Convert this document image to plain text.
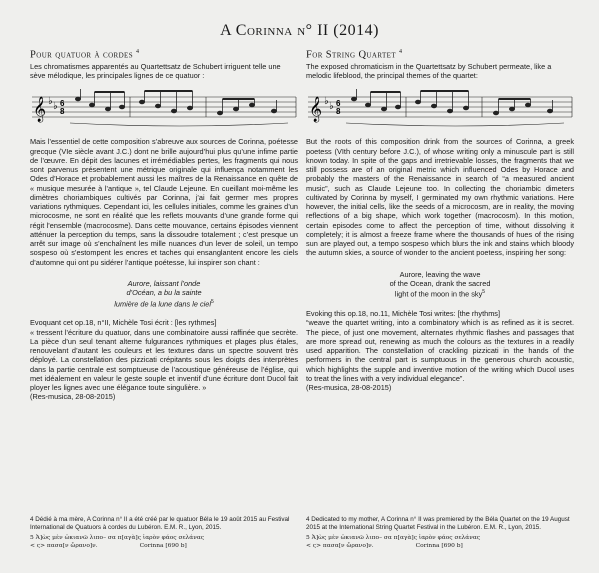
A Corinna n° II (2014)
Pour quatuor à cordes $^4$

Les chromatismes apparentés au Quartettsatz de Schubert irriguent telle une sève mélodique, les principales lignes de ce quatuor :

𝄞 ♭ ♭ 6
8

Mais l’essentiel de cette composition s’abreuve aux sources de Corinna, poétesse grecque (VIe siècle avant J.C.) dont ne brille aujourd’hui plus qu’une infime partie de l’œuvre. En dépit des lacunes et irrémédiables pertes, les fragments qui nous sont parvenus présentent une métrique originale qui influença notamment les Odes d’Horace et probablement aussi les maîtres de la Renaissance en quête de « musique mesurée à l’antique », tel Claude Lejeune. En cueillant moi-même les dimètres choriambiques cultivés par Corinna, j’ai fait germer mes propres variations rythmiques. Cependant ici, les cellules initiales, comme les graines d’un microcosme, ne sont en réalité que les reflets mouvants d’une grande forme qui régit l’ensemble (macrocosme). Dans cette mouvance, certains épisodes viennent atténuer la perception du temps, sans la dissoudre totalement ; c’est presque un arrêt sur image où s’enchaînent les mille nuances d’un lever de soleil, un tempo sospeso où s’estompent les encres et taches qui ensanglantent encore les ciels d’automne qui ont pu sidérer l’antique poétesse, lui inspirer son chant :

Aurore, laissant l’onde
d’Océan, a bu la sainte
lumière de la lune dans le ciel$^5$

Evoquant cet op.18, n°II, Michèle Tosi écrit : [les rythmes]

« tressent l’écriture du quatuor, dans une combinatoire aussi raffinée que secrète. La pièce d’un seul tenant alterne fulgurances rythmiques et plages plus étales, renouvelant d’autant les couleurs et les textures dans un spectre souvent très déployé. La constellation des pizzicati crépitants sous les doigts des interprètes dans la partie centrale est somptueuse de l’acoustique généreuse de l’église, qui met idéalement en valeur le geste souple et inventif d’une écriture dont Ducol fait ployer les lignes avec une élégance toute singulière. »

(Res-musica, 28-08-2015)

For String Quartet $^4$

The exposed chromaticism in the Quartettsatz by Schubert permeate, like a melodic lifeblood, the principal themes of the quartet:

𝄞 ♭ ♭ 6
8

But the roots of this composition drink from the sources of Corinna, a greek poetess (VIth century before J.C.), of whose writing only a minuscule part is still known today. In spite of the gaps and irretrievable losses, the fragments that we still possess are of an original metric which influenced Odes by Horace and probably the masters of the Renaissance in search of “a measured ancient music”, such as Claude Lejeune too. In collecting the choriambic dimeters cultivated by Corinna by myself, I germinated my own rhythmic variations. Here however, the initial cells, like the seeds of a microcosm, are in reality, the moving reflections of a big shape, which work together (macrocosm). In this motion, certain episodes come to affect the perception of time, without dissolving it completely; it is almost a freeze frame where the thousands of hues of the rising sun are played out, a tempo sospeso which blurs the ink and stains which bloody the autumn skies, a source of wonder to the ancient poetess, inspiring her song:

Aurore, leaving the wave
of the Ocean, drank the sacred
light of the moon in the sky$^5$

Evoking this op.18, no.11, Michèle Tosi writes: [the rhythms]

“weave the quartet writing, into a combinatory which is as refined as it is secret. The piece, of just one movement, alternates rhythmic flashes and passages that are more spread out, renewing as much the colours as the textures in a readily used apparition. The constellation of crackling pizzicati in the hands of the performers in the central part is sumptuous in the generous church acoustic, which highlights the supple and inventive motion of the writing which Ducol uses to treat the lines with a very individual elegance”.

(Res-musica, 28-08-2015)

4 Dédié à ma mère, A Corinna n° II a été créé par le quatuor Béla le 19 août 2015 au Festival International de Quatuors à cordes du Lubéron. E.M. R., Lyon, 2015.

5 Ἀ]ὼς μὲν ὠκιανῶ λιπο– σα π[αγὰ]ς ἱαρὸν φάος σελάνας
< ς> πασα[ν ὤρανο]ν.	Corinna [690 b]

4 Dedicated to my mother, A Corinna n° II was premiered by the Béla Quartet on the 19 August 2015 at the International String Quartet Festival in the Lubéron. E.M. R., Lyon, 2015.

5 Ἀ]ὼς μὲν ὠκιανῶ λιπο– σα π[αγὰ]ς ἱαρὸν φάος σελάνας
< ς> πασα[ν ὤρανο]ν.	Corinna [690 b]
